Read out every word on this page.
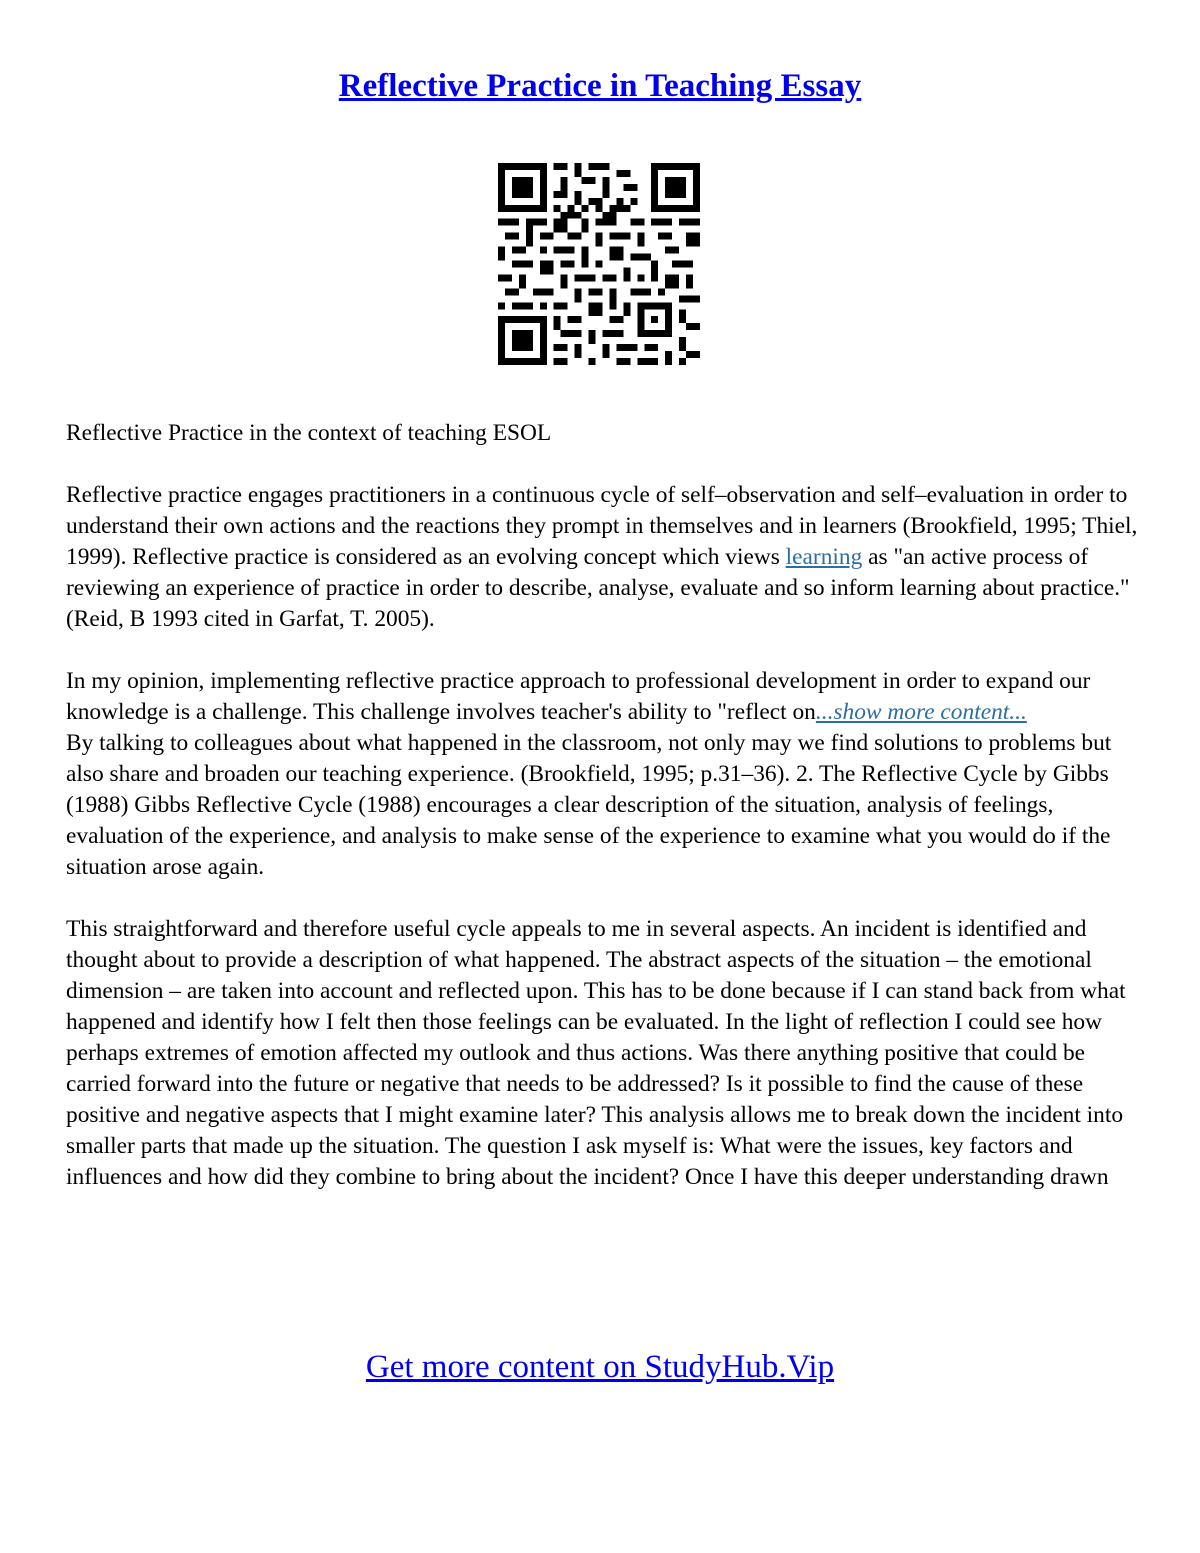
Reflective Practice in Teaching Essay

Reflective Practice in the context of teaching ESOL

Reflective practice engages practitioners in a continuous cycle of self–observation and self–evaluation in order to understand their own actions and the reactions they prompt in themselves and in learners (Brookfield, 1995; Thiel, 1999). Reflective practice is considered as an evolving concept which views learning as "an active process of reviewing an experience of practice in order to describe, analyse, evaluate and so inform learning about practice." (Reid, B 1993 cited in Garfat, T. 2005).

In my opinion, implementing reflective practice approach to professional development in order to expand our knowledge is a challenge. This challenge involves teacher's ability to "reflect on...show more content...

By talking to colleagues about what happened in the classroom, not only may we find solutions to problems but also share and broaden our teaching experience. (Brookfield, 1995; p.31–36). 2. The Reflective Cycle by Gibbs (1988) Gibbs Reflective Cycle (1988) encourages a clear description of the situation, analysis of feelings, evaluation of the experience, and analysis to make sense of the experience to examine what you would do if the situation arose again.

This straightforward and therefore useful cycle appeals to me in several aspects. An incident is identified and thought about to provide a description of what happened. The abstract aspects of the situation – the emotional dimension – are taken into account and reflected upon. This has to be done because if I can stand back from what happened and identify how I felt then those feelings can be evaluated. In the light of reflection I could see how perhaps extremes of emotion affected my outlook and thus actions. Was there anything positive that could be carried forward into the future or negative that needs to be addressed? Is it possible to find the cause of these positive and negative aspects that I might examine later? This analysis allows me to break down the incident into smaller parts that made up the situation. The question I ask myself is: What were the issues, key factors and influences and how did they combine to bring about the incident? Once I have this deeper understanding drawn

Get more content on StudyHub.Vip
